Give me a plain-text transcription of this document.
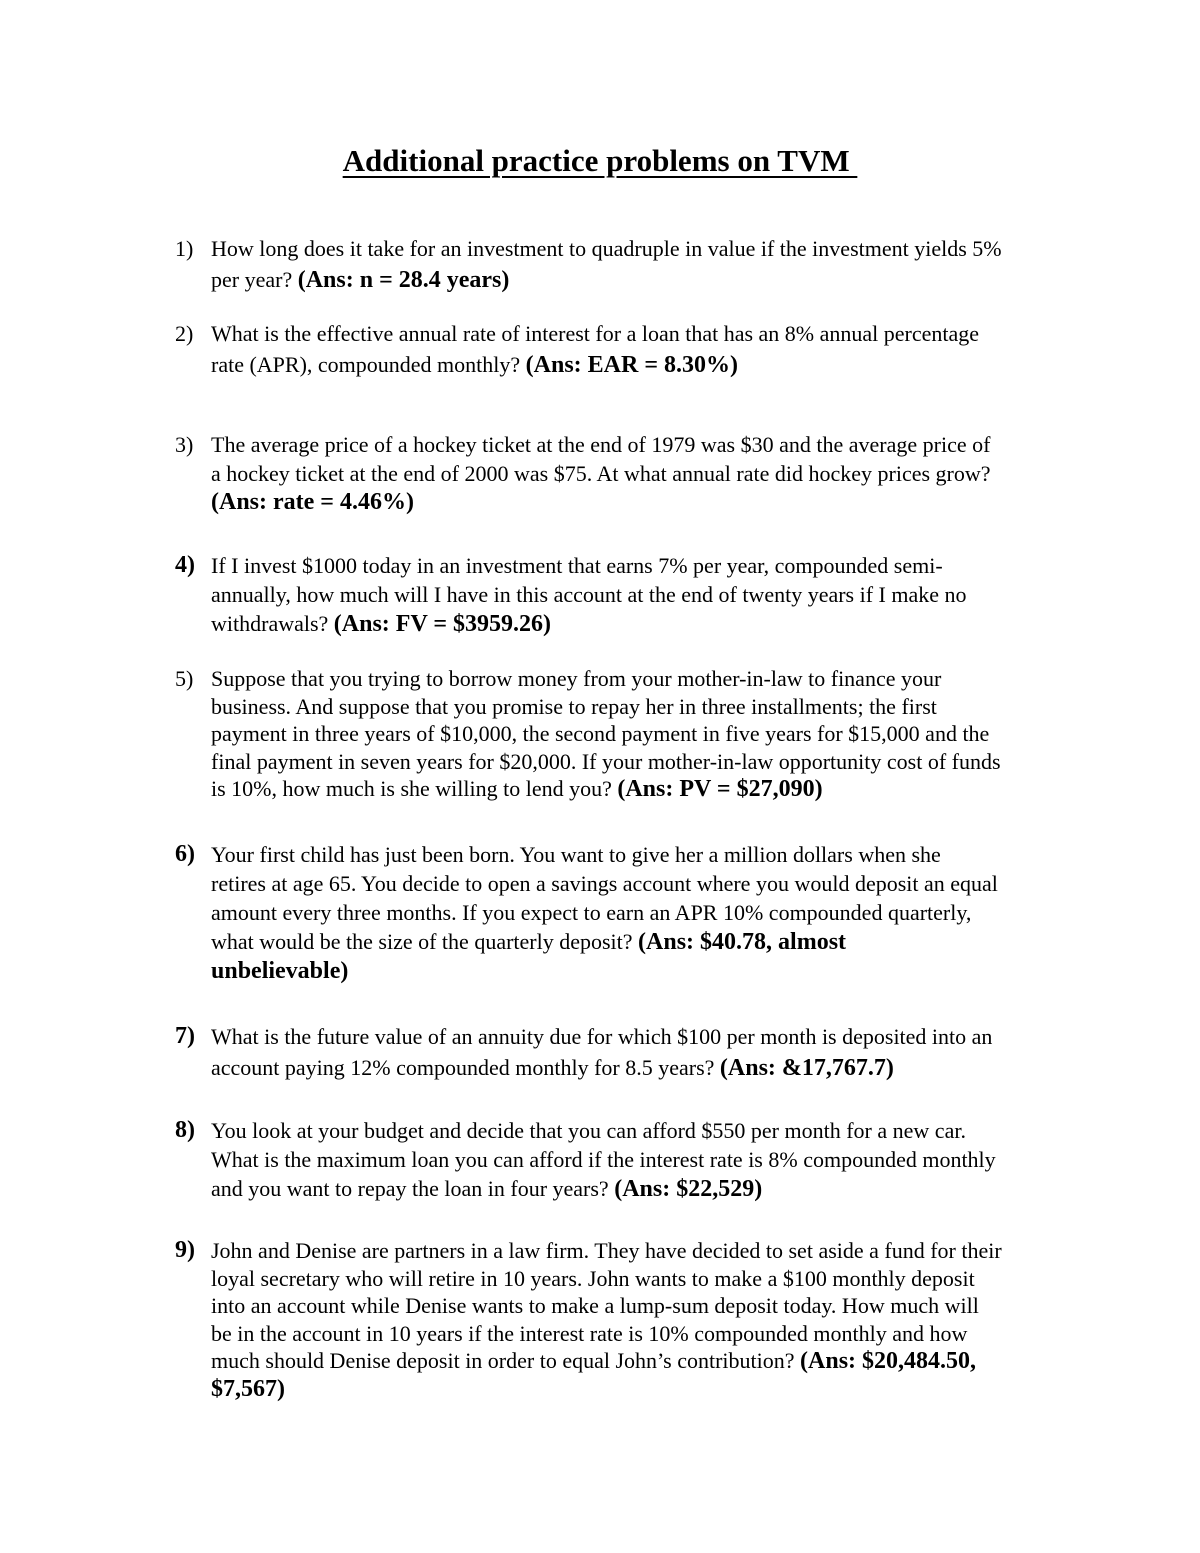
Additional practice problems on TVM
1) How long does it take for an investment to quadruple in value if the investment yields 5%
per year? (Ans: n = 28.4 years)
2) What is the effective annual rate of interest for a loan that has an 8% annual percentage
rate (APR), compounded monthly? (Ans: EAR = 8.30%)
3) The average price of a hockey ticket at the end of 1979 was $30 and the average price of
a hockey ticket at the end of 2000 was $75. At what annual rate did hockey prices grow?
(Ans: rate = 4.46%)
4) If I invest $1000 today in an investment that earns 7% per year, compounded semi-
annually, how much will I have in this account at the end of twenty years if I make no
withdrawals? (Ans: FV = $3959.26)
5) Suppose that you trying to borrow money from your mother-in-law to finance your
business. And suppose that you promise to repay her in three installments; the first
payment in three years of $10,000, the second payment in five years for $15,000 and the
final payment in seven years for $20,000. If your mother-in-law opportunity cost of funds
is 10%, how much is she willing to lend you? (Ans: PV = $27,090)
6) Your first child has just been born. You want to give her a million dollars when she
retires at age 65. You decide to open a savings account where you would deposit an equal
amount every three months. If you expect to earn an APR 10% compounded quarterly,
what would be the size of the quarterly deposit? (Ans: $40.78, almost
unbelievable)
7) What is the future value of an annuity due for which $100 per month is deposited into an
account paying 12% compounded monthly for 8.5 years? (Ans: &17,767.7)
8) You look at your budget and decide that you can afford $550 per month for a new car.
What is the maximum loan you can afford if the interest rate is 8% compounded monthly
and you want to repay the loan in four years? (Ans: $22,529)
9) John and Denise are partners in a law firm. They have decided to set aside a fund for their
loyal secretary who will retire in 10 years. John wants to make a $100 monthly deposit
into an account while Denise wants to make a lump-sum deposit today. How much will
be in the account in 10 years if the interest rate is 10% compounded monthly and how
much should Denise deposit in order to equal John’s contribution? (Ans: $20,484.50,
$7,567)
